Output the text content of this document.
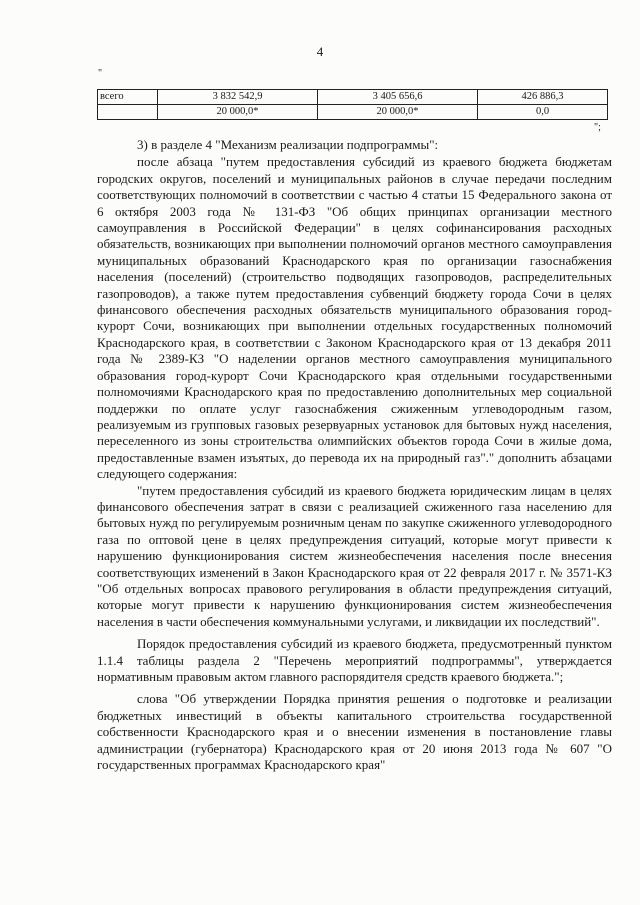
4
"
всего	3 832 542,9	3 405 656,6	426 886,3
	20 000,0*	20 000,0*	0,0
";

3) в разделе 4 "Механизм реализации подпрограммы":

после абзаца "путем предоставления субсидий из краевого бюджета бюджетам городских округов, поселений и муниципальных районов в случае передачи последним соответствующих полномочий в соответствии с частью 4 статьи 15 Федерального закона от 6 октября 2003 года № 131-ФЗ "Об общих принципах организации местного самоуправления в Российской Федерации" в целях софинансирования расходных обязательств, возникающих при выполнении полномочий органов местного самоуправления муниципальных образований Краснодарского края по организации газоснабжения населения (поселений) (строительство подводящих газопроводов, распределительных газопроводов), а также путем предоставления субвенций бюджету города Сочи в целях финансового обеспечения расходных обязательств муниципального образования город-курорт Сочи, возникающих при выполнении отдельных государственных полномочий Краснодарского края, в соответствии с Законом Краснодарского края от 13 декабря 2011 года № 2389-КЗ "О наделении органов местного самоуправления муниципального образования город-курорт Сочи Краснодарского края отдельными государственными полномочиями Краснодарского края по предоставлению дополнительных мер социальной поддержки по оплате услуг газоснабжения сжиженным углеводородным газом, реализуемым из групповых газовых резервуарных установок для бытовых нужд населения, переселенного из зоны строительства олимпийских объектов города Сочи в жилые дома, предоставленные взамен изъятых, до перевода их на природный газ"." дополнить абзацами следующего содержания:

"путем предоставления субсидий из краевого бюджета юридическим лицам в целях финансового обеспечения затрат в связи с реализацией сжиженного газа населению для бытовых нужд по регулируемым розничным ценам по закупке сжиженного углеводородного газа по оптовой цене в целях предупреждения ситуаций, которые могут привести к нарушению функционирования систем жизнеобеспечения населения после внесения соответствующих изменений в Закон Краснодарского края от 22 февраля 2017 г. № 3571-КЗ "Об отдельных вопросах правового регулирования в области предупреждения ситуаций, которые могут привести к нарушению функционирования систем жизнеобеспечения населения в части обеспечения коммунальными услугами, и ликвидации их последствий".

Порядок предоставления субсидий из краевого бюджета, предусмотренный пунктом 1.1.4 таблицы раздела 2 "Перечень мероприятий подпрограммы", утверждается нормативным правовым актом главного распорядителя средств краевого бюджета.";

слова "Об утверждении Порядка принятия решения о подготовке и реализации бюджетных инвестиций в объекты капитального строительства государственной собственности Краснодарского края и о внесении изменения в постановление главы администрации (губернатора) Краснодарского края от 20 июня 2013 года № 607 "О государственных программах Краснодарского края"
